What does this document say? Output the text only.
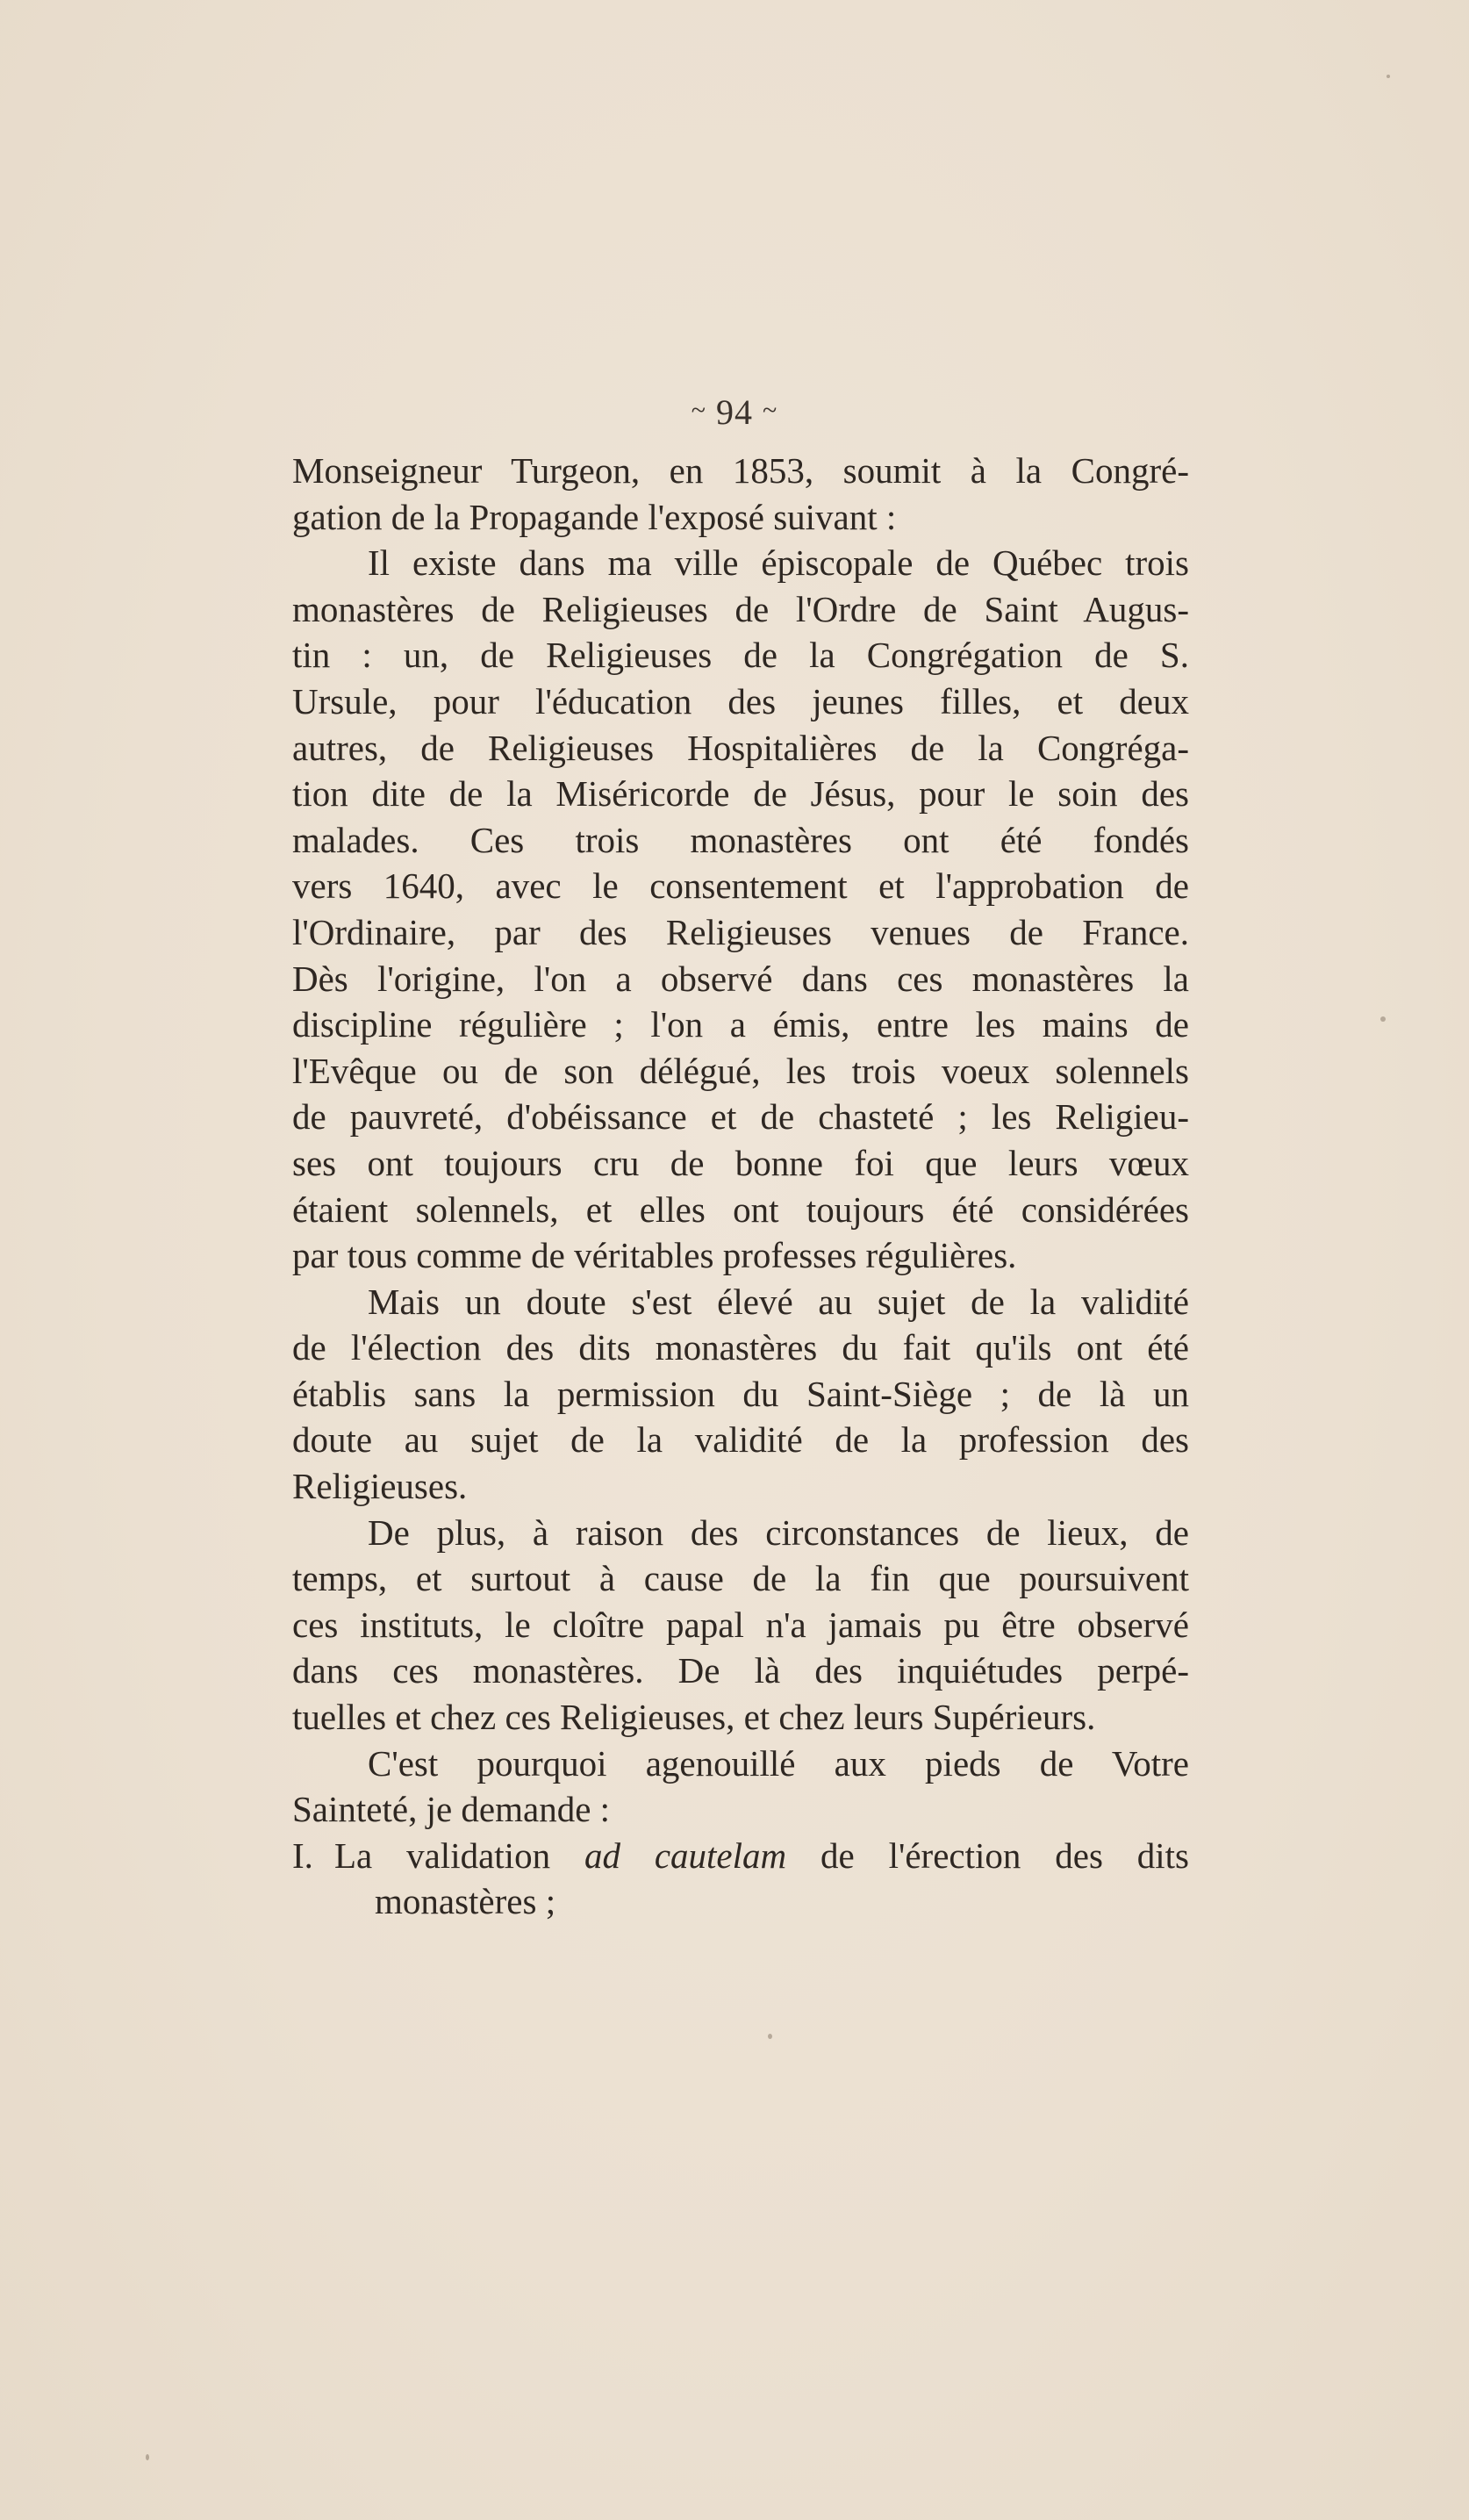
~ 94 ~
Monseigneur Turgeon, en 1853, soumit à la Congré-
gation de la Propagande l'exposé suivant :
Il existe dans ma ville épiscopale de Québec trois
monastères de Religieuses de l'Ordre de Saint Augus-
tin : un, de Religieuses de la Congrégation de S.
Ursule, pour l'éducation des jeunes filles, et deux
autres, de Religieuses Hospitalières de la Congréga-
tion dite de la Miséricorde de Jésus, pour le soin des
malades. Ces trois monastères ont été fondés
vers 1640, avec le consentement et l'approbation de
l'Ordinaire, par des Religieuses venues de France.
Dès l'origine, l'on a observé dans ces monastères la
discipline régulière ; l'on a émis, entre les mains de
l'Evêque ou de son délégué, les trois voeux solennels
de pauvreté, d'obéissance et de chasteté ; les Religieu-
ses ont toujours cru de bonne foi que leurs vœux
étaient solennels, et elles ont toujours été considérées
par tous comme de véritables professes régulières.
Mais un doute s'est élevé au sujet de la validité
de l'élection des dits monastères du fait qu'ils ont été
établis sans la permission du Saint-Siège ; de là un
doute au sujet de la validité de la profession des
Religieuses.
De plus, à raison des circonstances de lieux, de
temps, et surtout à cause de la fin que poursuivent
ces instituts, le cloître papal n'a jamais pu être observé
dans ces monastères. De là des inquiétudes perpé-
tuelles et chez ces Religieuses, et chez leurs Supérieurs.
C'est pourquoi agenouillé aux pieds de Votre
Sainteté, je demande :
I. La validation ad cautelam de l'érection des dits
monastères ;
